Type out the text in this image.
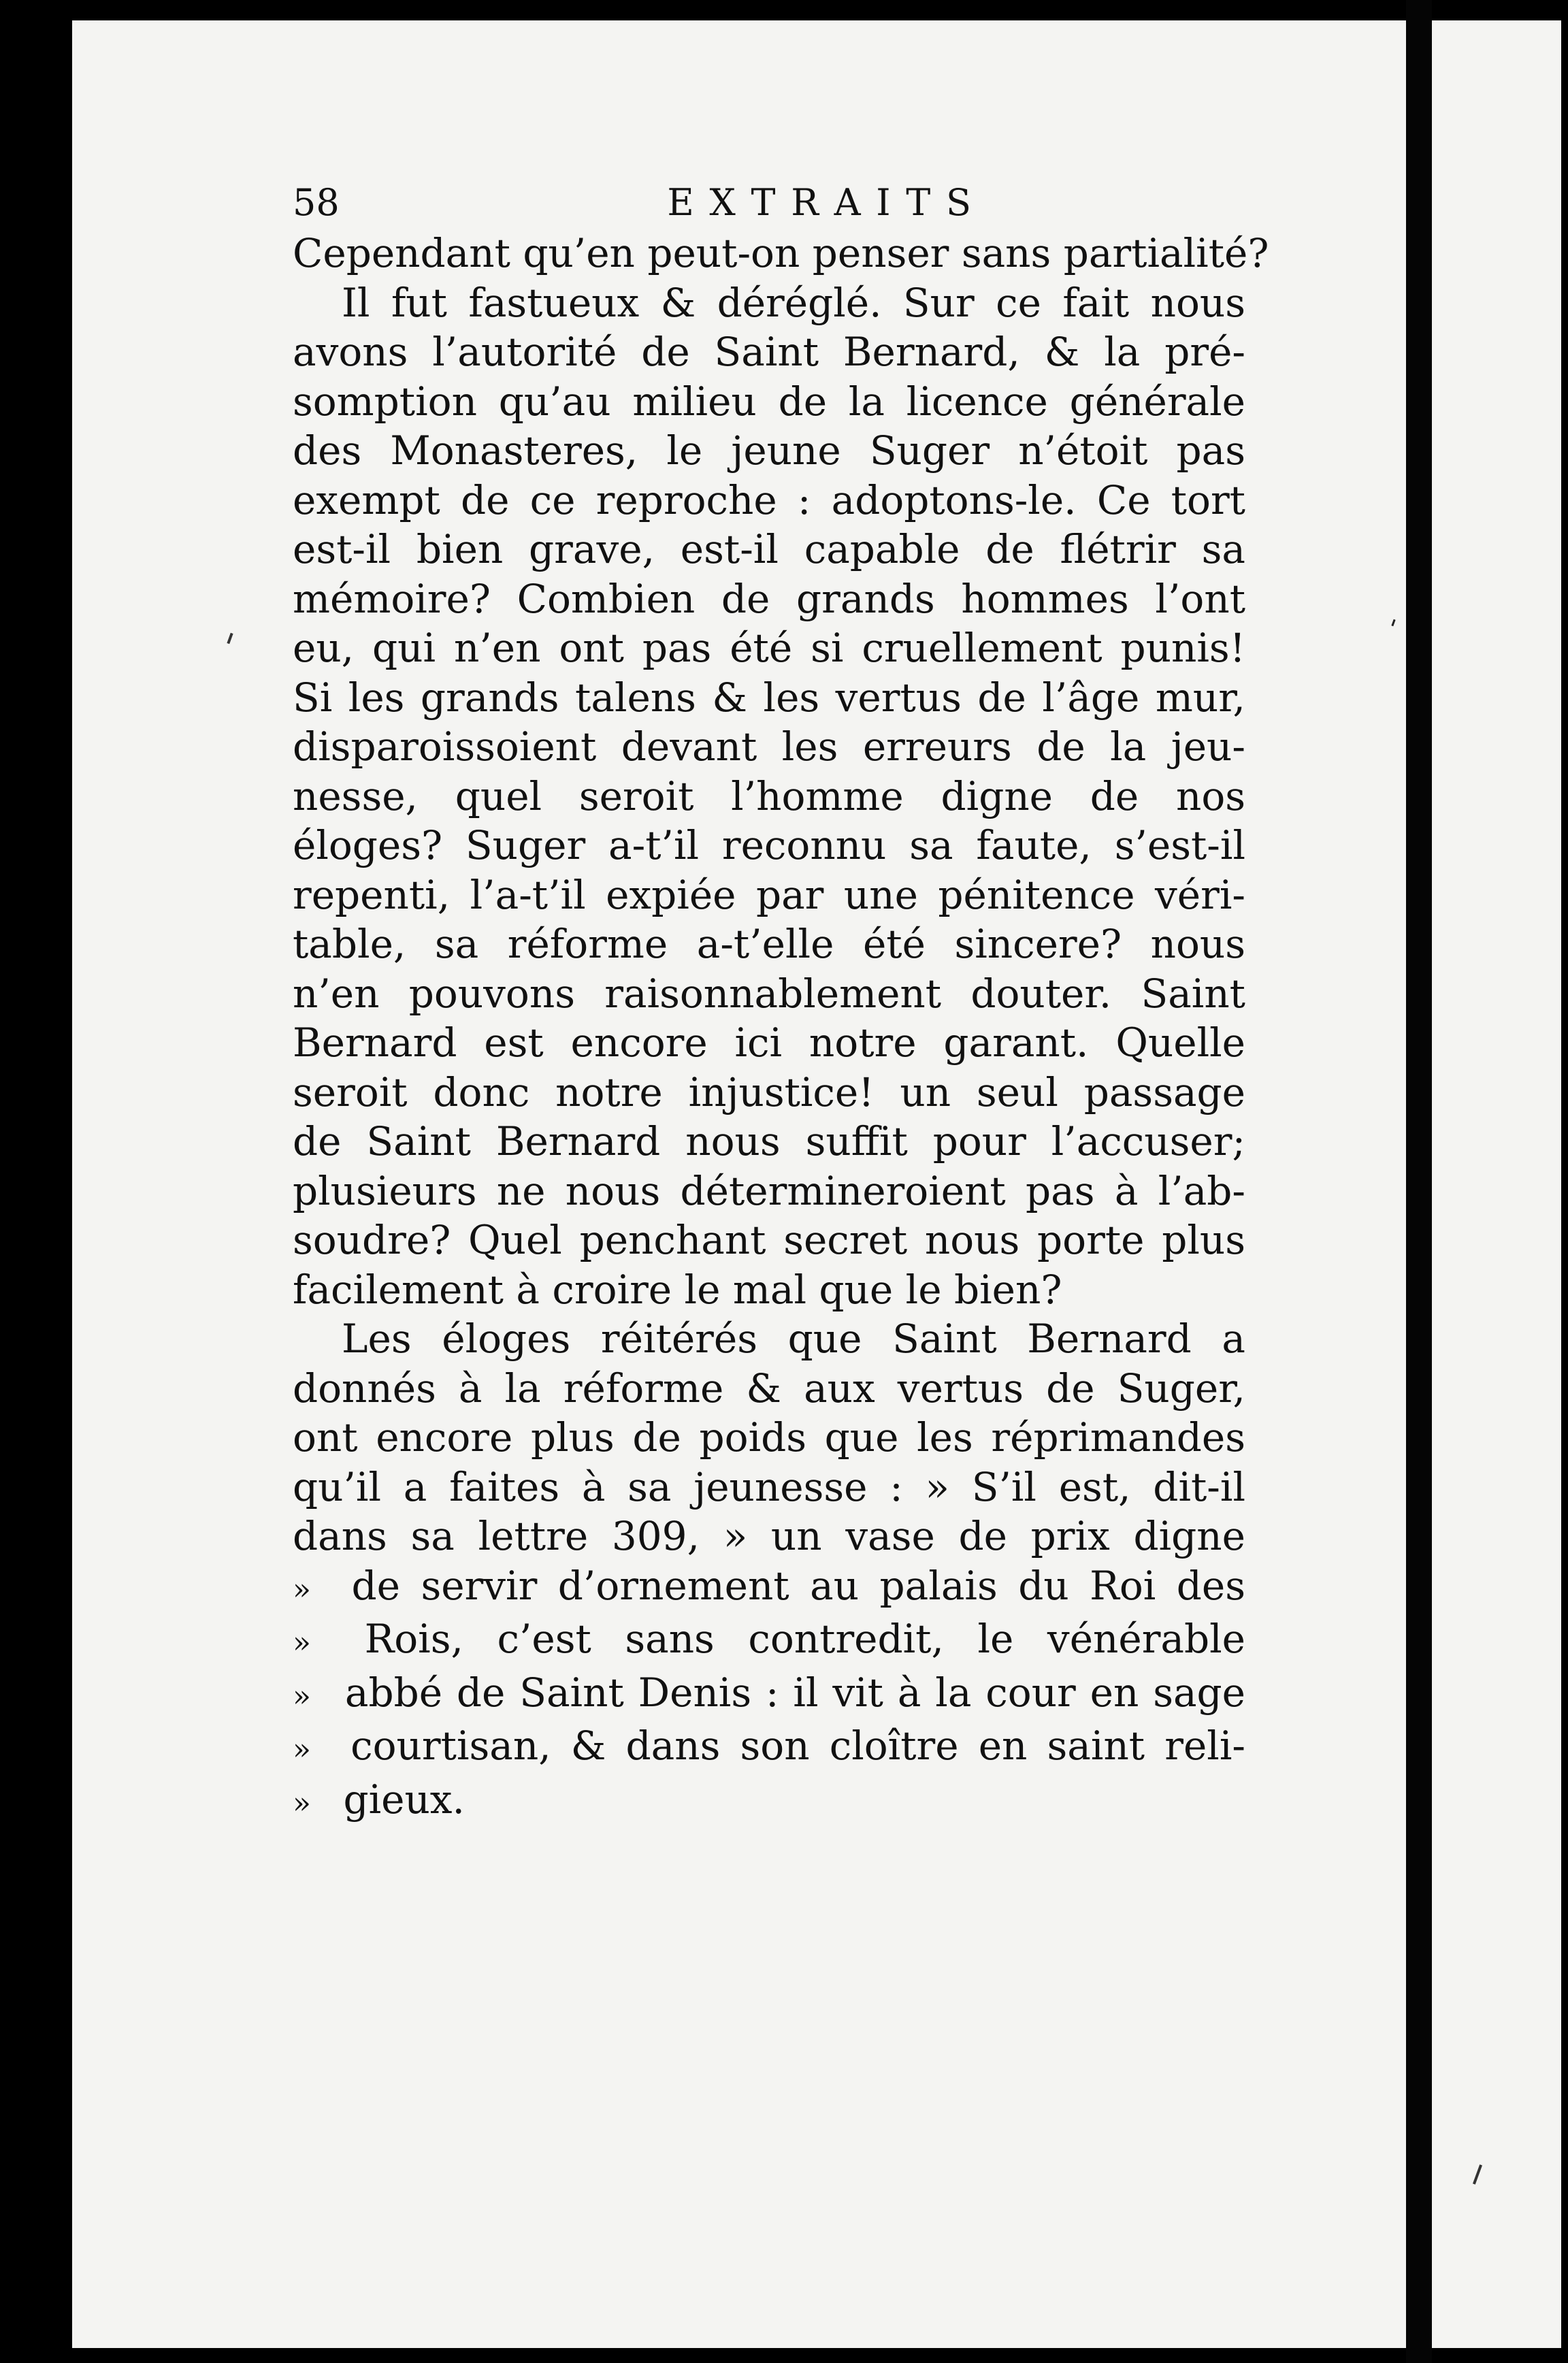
58	EXTRAITS
Cependant qu’en peut-on penser sans partialité?
Il fut fastueux & déréglé. Sur ce fait nous
avons l’autorité de Saint Bernard, & la pré-
somption qu’au milieu de la licence générale
des Monasteres, le jeune Suger n’étoit pas
exempt de ce reproche : adoptons-le. Ce tort
est-il bien grave, est-il capable de flétrir sa
mémoire? Combien de grands hommes l’ont
eu, qui n’en ont pas été si cruellement punis!
Si les grands talens & les vertus de l’âge mur,
disparoissoient devant les erreurs de la jeu-
nesse, quel seroit l’homme digne de nos
éloges? Suger a-t’il reconnu sa faute, s’est-il
repenti, l’a-t’il expiée par une pénitence véri-
table, sa réforme a-t’elle été sincere? nous
n’en pouvons raisonnablement douter. Saint
Bernard est encore ici notre garant. Quelle
seroit donc notre injustice! un seul passage
de Saint Bernard nous suffit pour l’accuser;
plusieurs ne nous détermineroient pas à l’ab-
soudre? Quel penchant secret nous porte plus
facilement à croire le mal que le bien?
Les éloges réitérés que Saint Bernard a
donnés à la réforme & aux vertus de Suger,
ont encore plus de poids que les réprimandes
qu’il a faites à sa jeunesse : » S’il est, dit-il
dans sa lettre 309, » un vase de prix digne
» de servir d’ornement au palais du Roi des
» Rois, c’est sans contredit, le vénérable
» abbé de Saint Denis : il vit à la cour en sage
» courtisan, & dans son cloître en saint reli-
» gieux.
